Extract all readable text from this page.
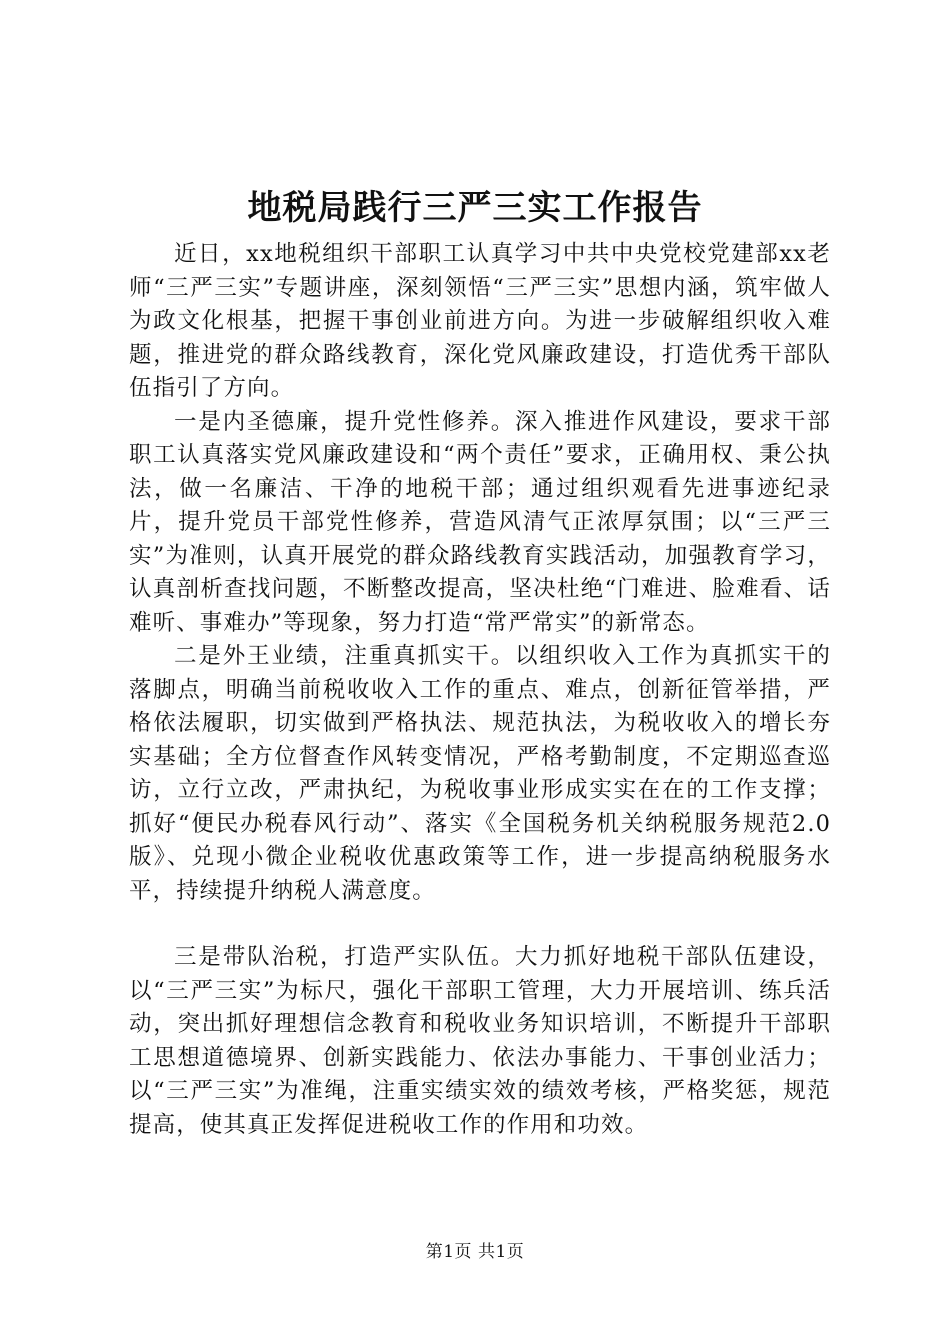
地税局践行三严三实工作报告

近日，xx地税组织干部职工认真学习中共中央党校党建部xx老师“三严三实”专题讲座，深刻领悟“三严三实”思想内涵，筑牢做人为政文化根基，把握干事创业前进方向。为进一步破解组织收入难题，推进党的群众路线教育，深化党风廉政建设，打造优秀干部队伍指引了方向。

一是内圣德廉，提升党性修养。深入推进作风建设，要求干部职工认真落实党风廉政建设和“两个责任”要求，正确用权、秉公执法，做一名廉洁、干净的地税干部；通过组织观看先进事迹纪录片，提升党员干部党性修养，营造风清气正浓厚氛围；以“三严三实”为准则，认真开展党的群众路线教育实践活动，加强教育学习，认真剖析查找问题，不断整改提高，坚决杜绝“门难进、脸难看、话难听、事难办”等现象，努力打造“常严常实”的新常态。

二是外王业绩，注重真抓实干。以组织收入工作为真抓实干的落脚点，明确当前税收收入工作的重点、难点，创新征管举措，严格依法履职，切实做到严格执法、规范执法，为税收收入的增长夯实基础；全方位督查作风转变情况，严格考勤制度，不定期巡查巡访，立行立改，严肃执纪，为税收事业形成实实在在的工作支撑；抓好“便民办税春风行动”、落实《全国税务机关纳税服务规范2.0版》、兑现小微企业税收优惠政策等工作，进一步提高纳税服务水平，持续提升纳税人满意度。

三是带队治税，打造严实队伍。大力抓好地税干部队伍建设，以“三严三实”为标尺，强化干部职工管理，大力开展培训、练兵活动，突出抓好理想信念教育和税收业务知识培训，不断提升干部职工思想道德境界、创新实践能力、依法办事能力、干事创业活力；以“三严三实”为准绳，注重实绩实效的绩效考核，严格奖惩，规范提高，使其真正发挥促进税收工作的作用和功效。

第1页 共1页
